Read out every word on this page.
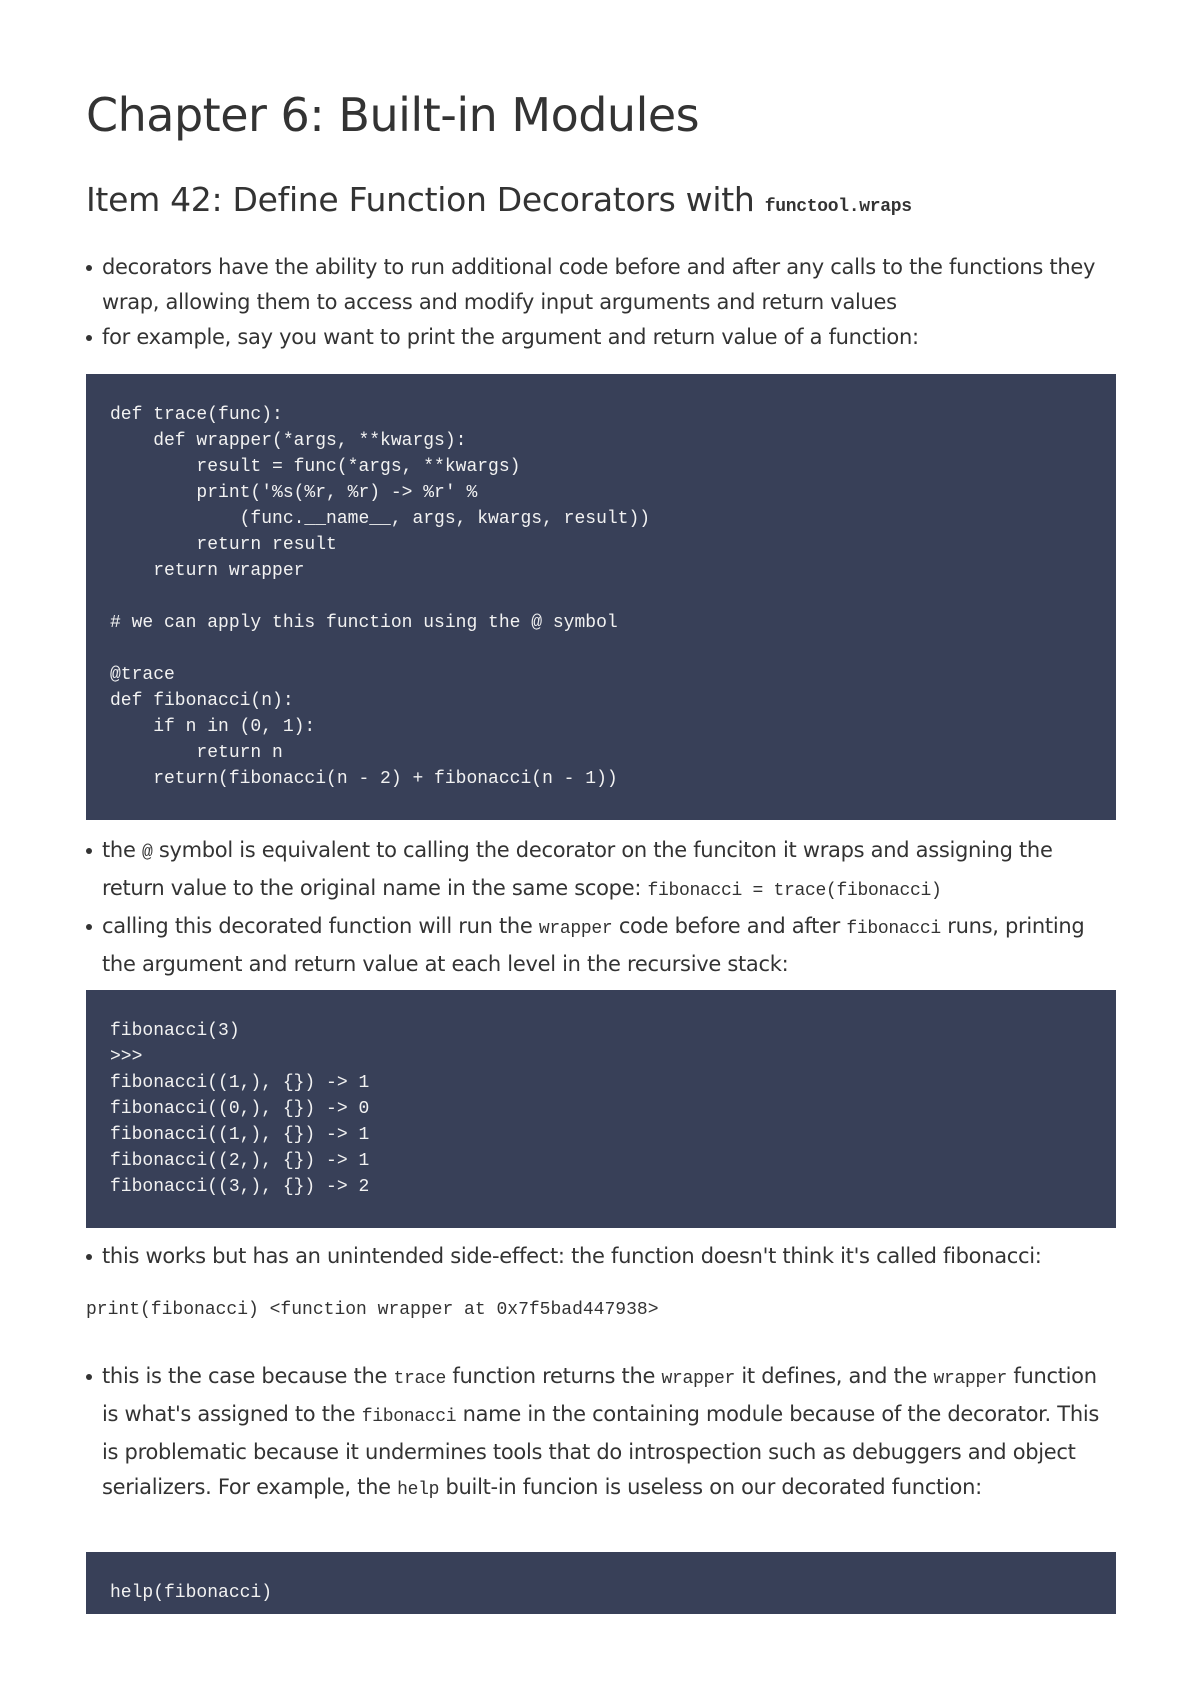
Chapter 6: Built-in Modules
Item 42: Define Function Decorators with functool.wraps
decorators have the ability to run additional code before and after any calls to the functions they wrap, allowing them to access and modify input arguments and return values
for example, say you want to print the argument and return value of a function:
def trace(func):
def wrapper(*args, **kwargs):
result = func(*args, **kwargs)
print('%s(%r, %r) -> %r' %
(func.__name__, args, kwargs, result))
return result
return wrapper

# we can apply this function using the @ symbol

@trace
def fibonacci(n):
if n in (0, 1):
return n
return(fibonacci(n - 2) + fibonacci(n - 1))
the @ symbol is equivalent to calling the decorator on the funciton it wraps and assigning the return value to the original name in the same scope: fibonacci = trace(fibonacci)
calling this decorated function will run the wrapper code before and after fibonacci runs, printing the argument and return value at each level in the recursive stack:
fibonacci(3)
>>>
fibonacci((1,), {}) -> 1
fibonacci((0,), {}) -> 0
fibonacci((1,), {}) -> 1
fibonacci((2,), {}) -> 1
fibonacci((3,), {}) -> 2
this works but has an unintended side-effect: the function doesn't think it's called fibonacci:
print(fibonacci) <function wrapper at 0x7f5bad447938>
this is the case because the trace function returns the wrapper it defines, and the wrapper function is what's assigned to the fibonacci name in the containing module because of the decorator. This is problematic because it undermines tools that do introspection such as debuggers and object serializers. For example, the help built-in funcion is useless on our decorated function:
help(fibonacci)
